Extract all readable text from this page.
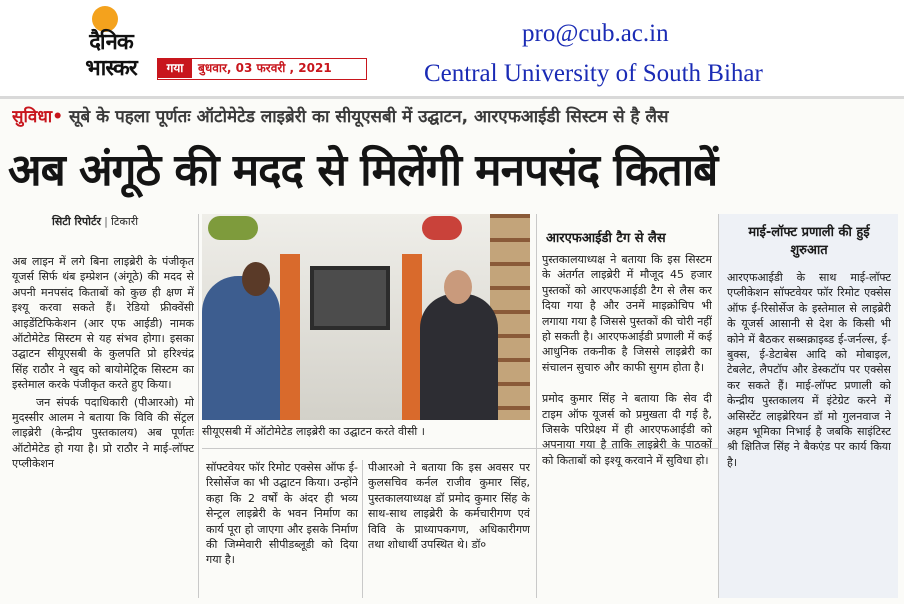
दैनिक
भास्कर	गया	बुधवार, 03 फरवरी , 2021
pro@cub.ac.in
Central University of South Bihar
सुविधा• सूबे के पहला पूर्णतः ऑटोमेटेड लाइब्रेरी का सीयूएसबी में उद्घाटन, आरएफआईडी सिस्टम से है लैस
अब अंगूठे की मदद से मिलेंगी मनपसंद किताबें
सिटी रिपोर्टर | टिकारी

अब लाइन में लगे बिना लाइब्रेरी के पंजीकृत यूजर्स सिर्फ थंब इम्प्रेशन (अंगूठे) की मदद से अपनी मनपसंद किताबों को कुछ ही क्षण में इश्यू करवा सकते हैं। रेडियो फ्रीक्वेंसी आइडेंटिफिकेशन (आर एफ आईडी) नामक ऑटोमेटेड सिस्टम से यह संभव होगा। इसका उद्घाटन सीयूएसबी के कुलपति प्रो हरिश्चंद्र सिंह राठौर ने खुद को बायोमेट्रिक सिस्टम का इस्तेमाल करके पंजीकृत करते हुए किया।

जन संपर्क पदाधिकारी (पीआरओ) मो मुदस्सीर आलम ने बताया कि विवि की सेंट्रल लाइब्रेरी (केन्द्रीय पुस्तकालय) अब पूर्णतः ऑटोमेटेड हो गया है। प्रो राठौर ने माई-लॉफ्ट एप्लीकेशन

सीयूएसबी में ऑटोमेटेड लाइब्रेरी का उद्घाटन करते वीसी ।

सॉफ्टवेयर फॉर रिमोट एक्सेस ऑफ ई-रिसोर्सेज का भी उद्घाटन किया। उन्होंने कहा कि 2 वर्षों के अंदर ही भव्य सेन्ट्रल लाइब्रेरी के भवन निर्माण का कार्य पूरा हो जाएगा और इसके निर्माण की जिम्मेवारी सीपीडब्लूडी को दिया गया है।

पीआरओ ने बताया कि इस अवसर पर कुलसचिव कर्नल राजीव कुमार सिंह, पुस्तकालयाध्यक्ष डॉ प्रमोद कुमार सिंह के साथ-साथ लाइब्रेरी के कर्मचारीगण एवं विवि के प्राध्यापकगण, अधिकारीगण तथा शोधार्थी उपस्थित थे। डॉ०

आरएफआईडी टैग से लैस

पुस्तकालयाध्यक्ष ने बताया कि इस सिस्टम के अंतर्गत लाइब्रेरी में मौजूद 45 हजार पुस्तकों को आरएफआईडी टैग से लैस कर दिया गया है और उनमें माइक्रोचिप भी लगाया गया है जिससे पुस्तकों की चोरी नहीं हो सकती है। आरएफआईडी प्रणाली में कई आधुनिक तकनीक है जिससे लाइब्रेरी का संचालन सुचारु और काफी सुगम होता है।

प्रमोद कुमार सिंह ने बताया कि सेव दी टाइम ऑफ यूजर्स को प्रमुखता दी गई है, जिसके परिप्रेक्ष्य में ही आरएफआईडी को अपनाया गया है ताकि लाइब्रेरी के पाठकों को किताबों को इश्यू करवाने में सुविधा हो।

माई-लॉफ्ट प्रणाली की हुई शुरुआत

आरएफआईडी के साथ माई-लॉफ्ट एप्लीकेशन सॉफ्टवेयर फॉर रिमोट एक्सेस ऑफ ई-रिसोर्सेज के इस्तेमाल से लाइब्रेरी के यूजर्स आसानी से देश के किसी भी कोने में बैठकर सब्सक्राइब्ड ई-जर्नल्स, ई-बुक्स, ई-डेटाबेस आदि को मोबाइल, टेबलेट, लैपटॉप और डेस्कटॉप पर एक्सेस कर सकते हैं। माई-लॉफ्ट प्रणाली को केन्द्रीय पुस्तकालय में इंटेग्रेट करने में असिस्टेंट लाइब्रेरियन डॉ मो गुलनवाज ने अहम भूमिका निभाई है जबकि साइंटिस्ट श्री क्षितिज सिंह ने बैकएंड पर कार्य किया है।
